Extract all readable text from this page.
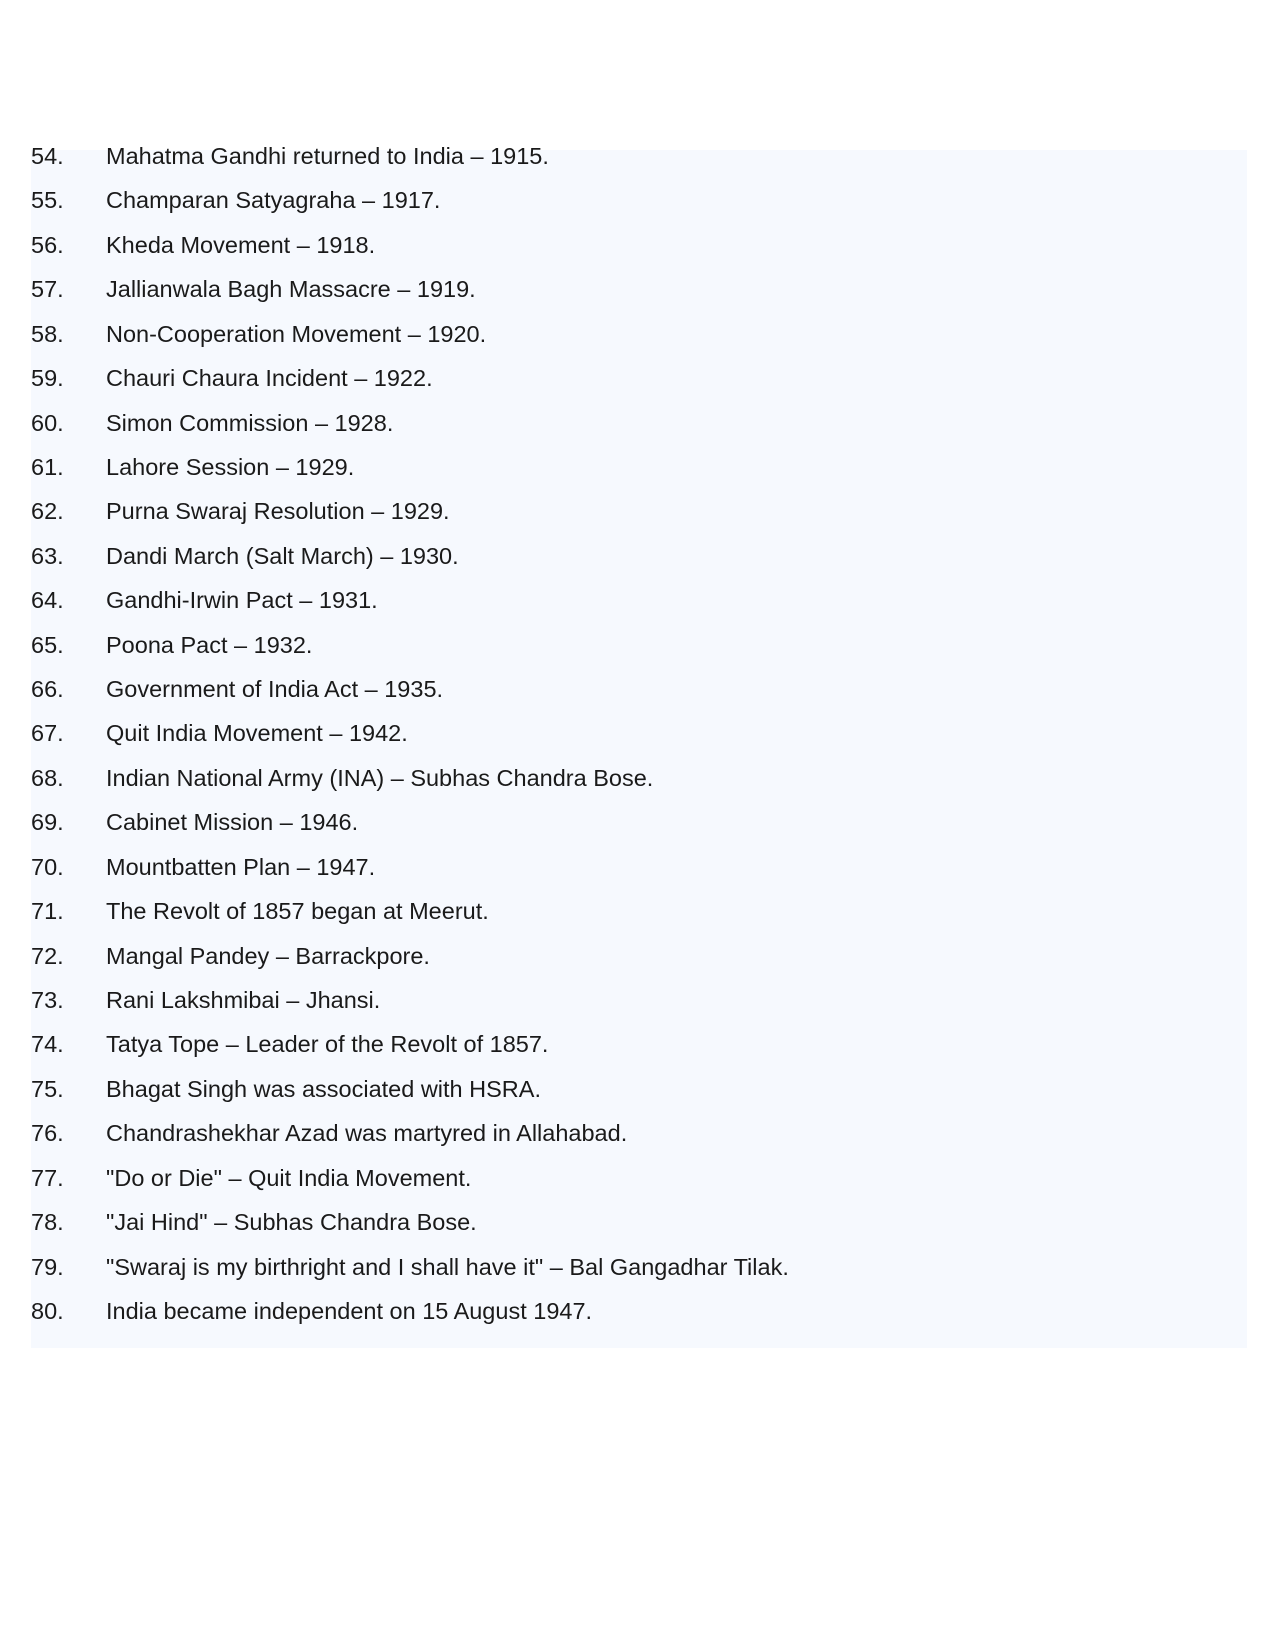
54.	Mahatma Gandhi returned to India – 1915.
55.	Champaran Satyagraha – 1917.
56.	Kheda Movement – 1918.
57.	Jallianwala Bagh Massacre – 1919.
58.	Non-Cooperation Movement – 1920.
59.	Chauri Chaura Incident – 1922.
60.	Simon Commission – 1928.
61.	Lahore Session – 1929.
62.	Purna Swaraj Resolution – 1929.
63.	Dandi March (Salt March) – 1930.
64.	Gandhi-Irwin Pact – 1931.
65.	Poona Pact – 1932.
66.	Government of India Act – 1935.
67.	Quit India Movement – 1942.
68.	Indian National Army (INA) – Subhas Chandra Bose.
69.	Cabinet Mission – 1946.
70.	Mountbatten Plan – 1947.
71.	The Revolt of 1857 began at Meerut.
72.	Mangal Pandey – Barrackpore.
73.	Rani Lakshmibai – Jhansi.
74.	Tatya Tope – Leader of the Revolt of 1857.
75.	Bhagat Singh was associated with HSRA.
76.	Chandrashekhar Azad was martyred in Allahabad.
77.	"Do or Die" – Quit India Movement.
78.	"Jai Hind" – Subhas Chandra Bose.
79.	"Swaraj is my birthright and I shall have it" – Bal Gangadhar Tilak.
80.	India became independent on 15 August 1947.
